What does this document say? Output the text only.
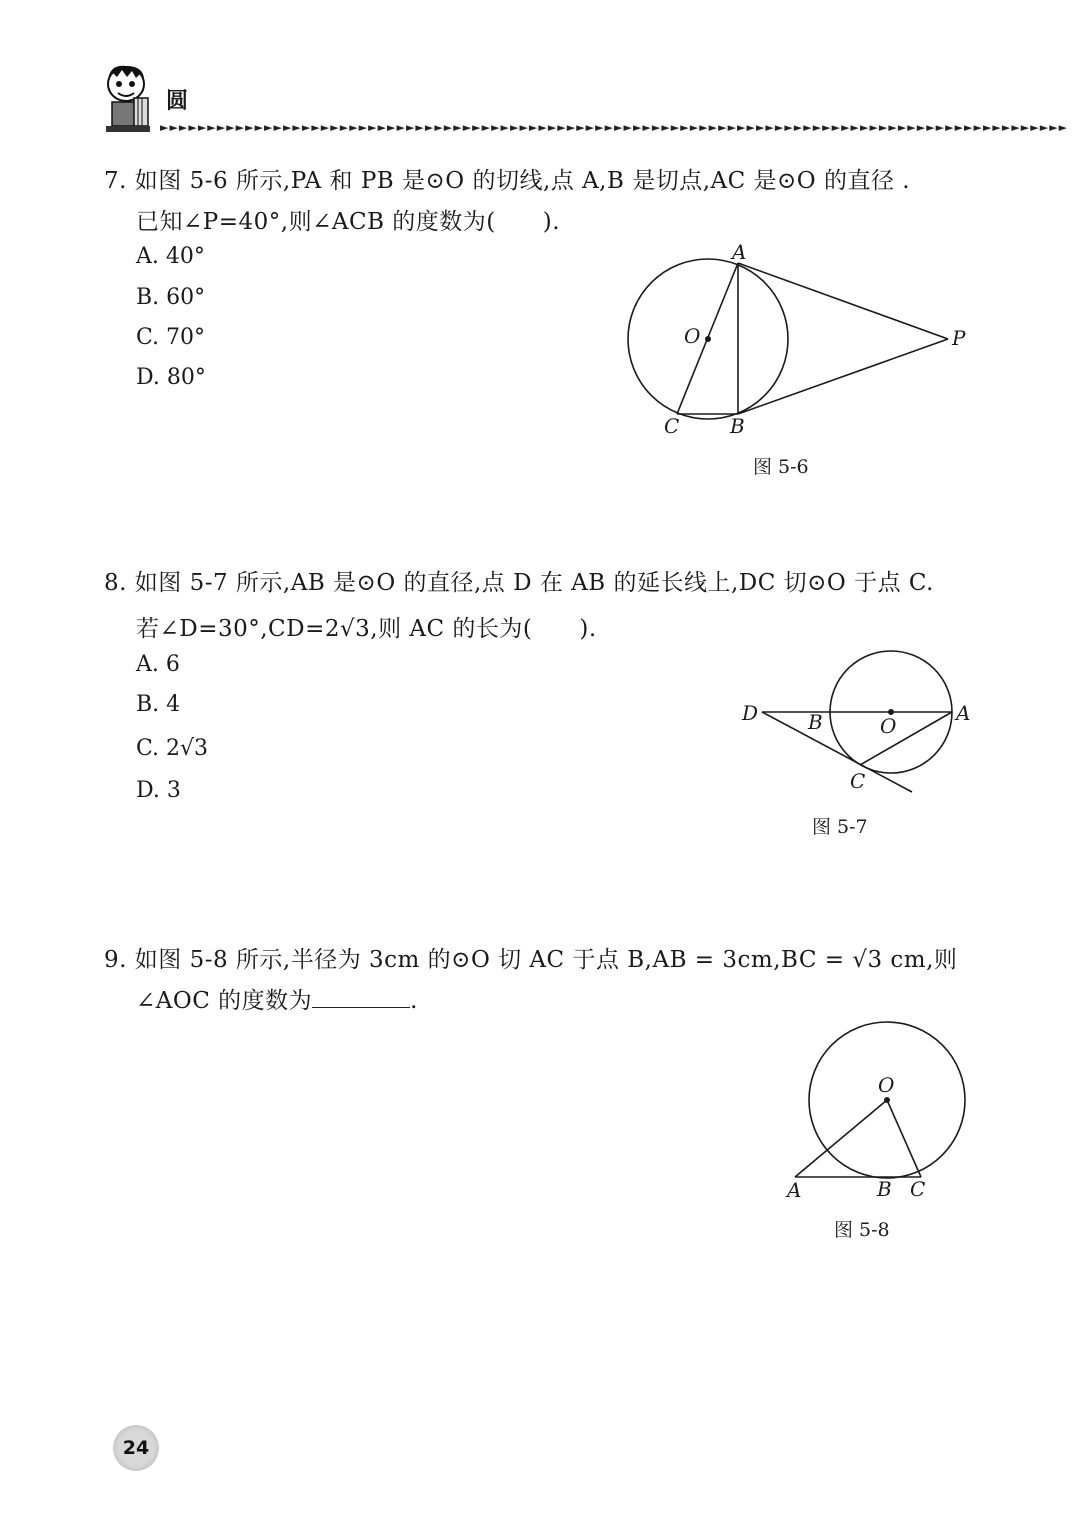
圆
►►►►►►►►►►►►►►►►►►►►►►►►►►►►►►►►►►►►►►►►►►►►►►►►►►►►►►►►►►►►►►►►►►►►►►►►►►►►►►►►►►►►►►►►►►►►►►►►
7. 如图 5-6 所示,PA 和 PB 是⊙O 的切线,点 A,B 是切点,AC 是⊙O 的直径 .
已知∠P=40°,则∠ACB 的度数为(　　).
A. 40°
B. 60°
C. 70°
D. 80°
A
O	P
C	B
图 5-6
8. 如图 5-7 所示,AB 是⊙O 的直径,点 D 在 AB 的延长线上,DC 切⊙O 于点 C.
若∠D=30°,CD=2√3,则 AC 的长为(　　).
A. 6
B. 4
C. 2√3
D. 3
D B	O
A
C
图 5-7
9. 如图 5-8 所示,半径为 3cm 的⊙O 切 AC 于点 B,AB = 3cm,BC = √3 cm,则
∠AOC 的度数为	.
O
A	B C
图 5-8
24
